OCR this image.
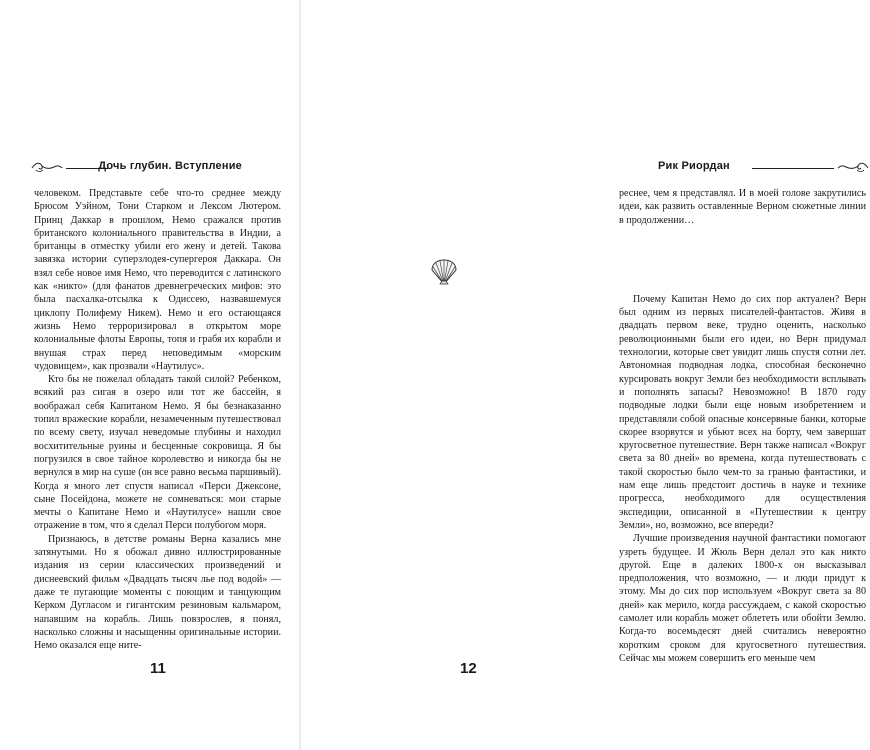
Дочь глубин. Вступление

человеком. Представьте себе что-то среднее между Брюсом Уэйном, Тони Старком и Лексом Лютером. Принц Даккар в прошлом, Немо сражался против британского колониального правительства в Индии, а британцы в отместку убили его жену и детей. Такова завязка истории суперзлодея-супергероя Даккара. Он взял себе новое имя Немо, что переводится с латинского как «никто» (для фанатов древнегреческих мифов: это была пасхалка-отсылка к Одиссею, назвавшемуся циклопу Полифему Никем). Немо и его остающаяся жизнь Немо терроризировал в открытом море колониальные флоты Европы, топя и грабя их корабли и внушая страх перед неповедимым «морским чудовищем», как прозвали «Наутилус».

Кто бы не пожелал обладать такой силой? Ребенком, всякий раз сигая в озеро или тот же бассейн, я воображал себя Капитаном Немо. Я бы безнаказанно топил вражеские корабли, незамеченным путешествовал по всему свету, изучал неведомые глубины и находил восхитительные руины и бесценные сокровища. Я бы погрузился в свое тайное королевство и никогда бы не вернулся в мир на суше (он все равно весьма паршивый). Когда я много лет спустя написал «Перси Джексоне, сыне Посейдона, можете не сомневаться: мои старые мечты о Капитане Немо и «Наутилусе» нашли свое отражение в том, что я сделал Перси полубогом моря.

Признаюсь, в детстве романы Верна казались мне затянутыми. Но я обожал дивно иллюстрированные издания из серии классических произведений и диснеевский фильм «Двадцать тысяч лье под водой» — даже те пугающие моменты с поющим и танцующим Керком Дугласом и гигантским резиновым кальмаром, напавшим на корабль. Лишь повзрослев, я понял, насколько сложны и насыщенны оригинальные истории. Немо оказался еще ните-

11
Рик Риордан

реснее, чем я представлял. И в моей голове закрутились идеи, как развить оставленные Верном сюжетные линии в продолжении…

Почему Капитан Немо до сих пор актуален? Верн был одним из первых писателей-фантастов. Живя в двадцать первом веке, трудно оценить, насколько революционными были его идеи, но Верн придумал технологии, которые свет увидит лишь спустя сотни лет. Автономная подводная лодка, способная бесконечно курсировать вокруг Земли без необходимости всплывать и пополнять запасы? Невозможно! В 1870 году подводные лодки были еще новым изобретением и представляли собой опасные консервные банки, которые скорее взорвутся и убьют всех на борту, чем завершат кругосветное путешествие. Верн также написал «Вокруг света за 80 дней» во времена, когда путешествовать с такой скоростью было чем-то за гранью фантастики, и нам еще лишь предстоит достичь в науке и технике прогресса, необходимого для осуществления экспедиции, описанной в «Путешествии к центру Земли», но, возможно, все впереди?

Лучшие произведения научной фантастики помогают узреть будущее. И Жюль Верн делал это как никто другой. Еще в далеких 1800-х он высказывал предположения, что возможно, — и люди придут к этому. Мы до сих пор используем «Вокруг света за 80 дней» как мерило, когда рассуждаем, с какой скоростью самолет или корабль может облететь или обойти Землю. Когда-то восемьдесят дней считались невероятно коротким сроком для кругосветного путешествия. Сейчас мы можем совершить его меньше чем

12
